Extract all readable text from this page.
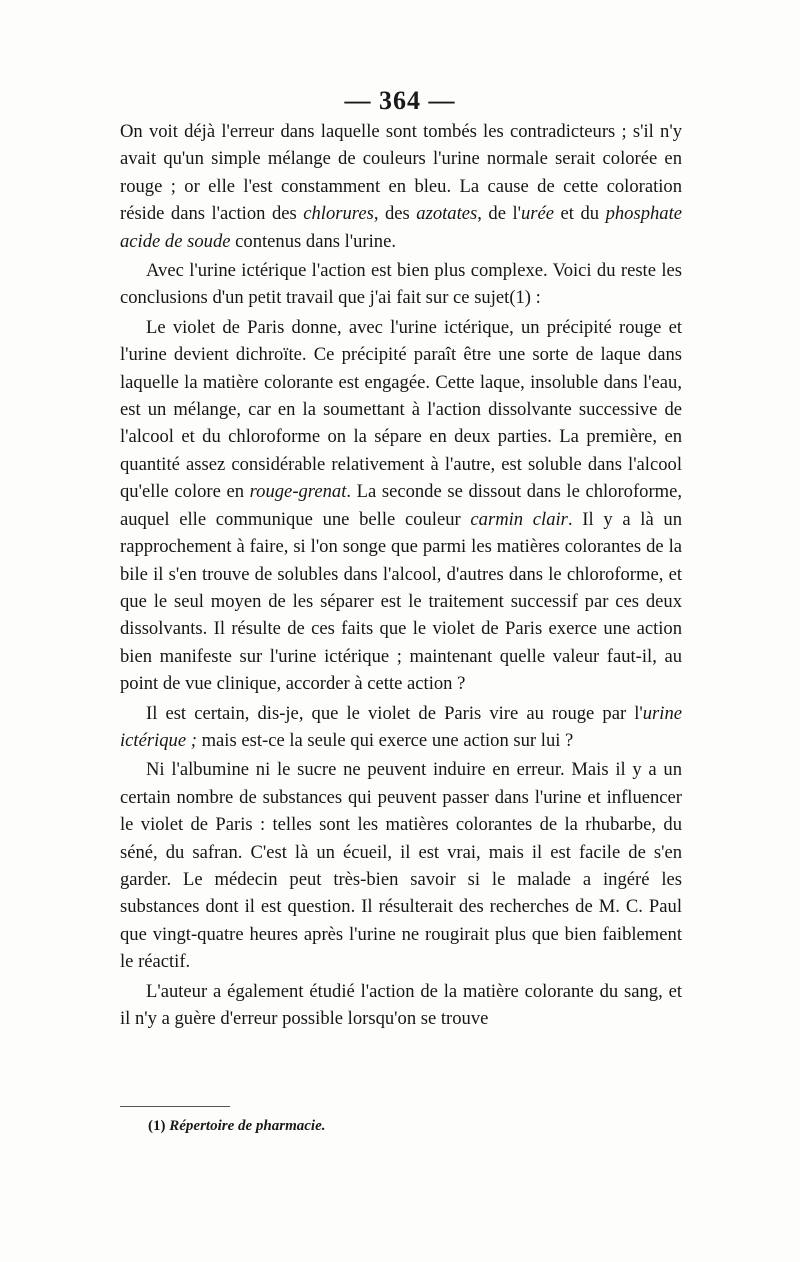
— 364 —

On voit déjà l'erreur dans laquelle sont tombés les contradicteurs ; s'il n'y avait qu'un simple mélange de couleurs l'urine normale serait colorée en rouge ; or elle l'est constamment en bleu. La cause de cette coloration réside dans l'action des chlorures, des azotates, de l'urée et du phosphate acide de soude contenus dans l'urine.

Avec l'urine ictérique l'action est bien plus complexe. Voici du reste les conclusions d'un petit travail que j'ai fait sur ce sujet(1) :

Le violet de Paris donne, avec l'urine ictérique, un précipité rouge et l'urine devient dichroïte. Ce précipité paraît être une sorte de laque dans laquelle la matière colorante est engagée. Cette laque, insoluble dans l'eau, est un mélange, car en la soumettant à l'action dissolvante successive de l'alcool et du chloroforme on la sépare en deux parties. La première, en quantité assez considérable relativement à l'autre, est soluble dans l'alcool qu'elle colore en rouge-grenat. La seconde se dissout dans le chloroforme, auquel elle communique une belle couleur carmin clair. Il y a là un rapprochement à faire, si l'on songe que parmi les matières colorantes de la bile il s'en trouve de solubles dans l'alcool, d'autres dans le chloroforme, et que le seul moyen de les séparer est le traitement successif par ces deux dissolvants. Il résulte de ces faits que le violet de Paris exerce une action bien manifeste sur l'urine ictérique ; maintenant quelle valeur faut-il, au point de vue clinique, accorder à cette action ?

Il est certain, dis-je, que le violet de Paris vire au rouge par l'urine ictérique ; mais est-ce la seule qui exerce une action sur lui ?

Ni l'albumine ni le sucre ne peuvent induire en erreur. Mais il y a un certain nombre de substances qui peuvent passer dans l'urine et influencer le violet de Paris : telles sont les matières colorantes de la rhubarbe, du séné, du safran. C'est là un écueil, il est vrai, mais il est facile de s'en garder. Le médecin peut très-bien savoir si le malade a ingéré les substances dont il est question. Il résulterait des recherches de M. C. Paul que vingt-quatre heures après l'urine ne rougirait plus que bien faiblement le réactif.

L'auteur a également étudié l'action de la matière colorante du sang, et il n'y a guère d'erreur possible lorsqu'on se trouve

(1) Répertoire de pharmacie.
